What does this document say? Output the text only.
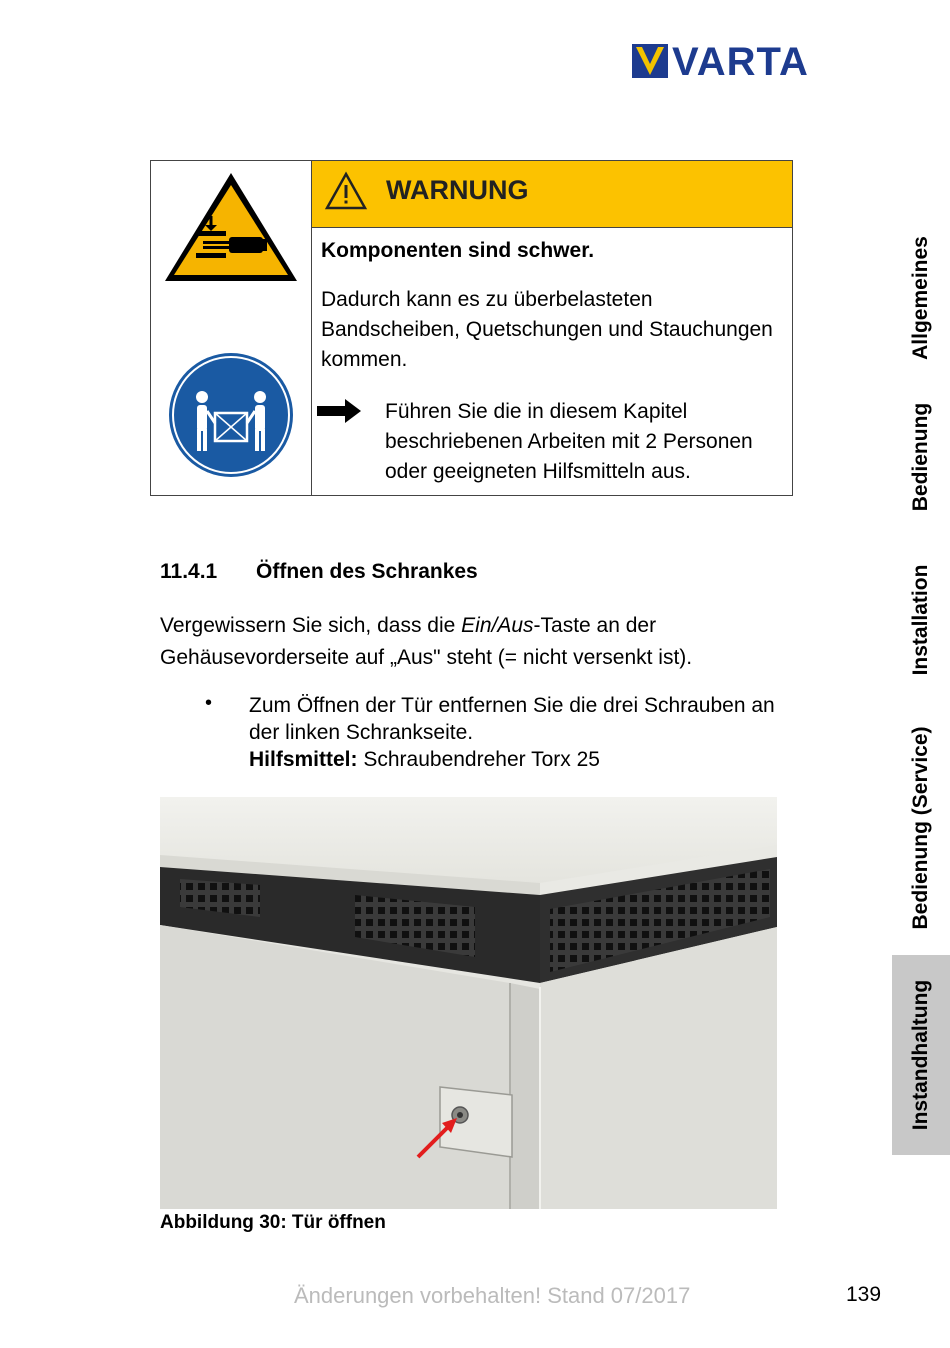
VARTA
WARNUNG

Komponenten sind schwer.

Dadurch kann es zu überbelasteten Bandscheiben, Quetschungen und Stauchungen kommen.

Führen Sie die in diesem Kapitel
beschriebenen Arbeiten mit 2 Personen
oder geeigneten Hilfsmitteln aus.
11.4.1 Öffnen des Schrankes
Vergewissern Sie sich, dass die Ein/Aus-Taste an der
Gehäusevorderseite auf „Aus" steht (= nicht versenkt ist).
• Zum Öffnen der Tür entfernen Sie die drei Schrauben an
der linken Schrankseite.
Hilfsmittel: Schraubendreher Torx 25
Abbildung 30: Tür öffnen
Änderungen vorbehalten! Stand 07/2017	139
Allgemeines
Bedienung
Installation
Bedienung (Service)
Instandhaltung
